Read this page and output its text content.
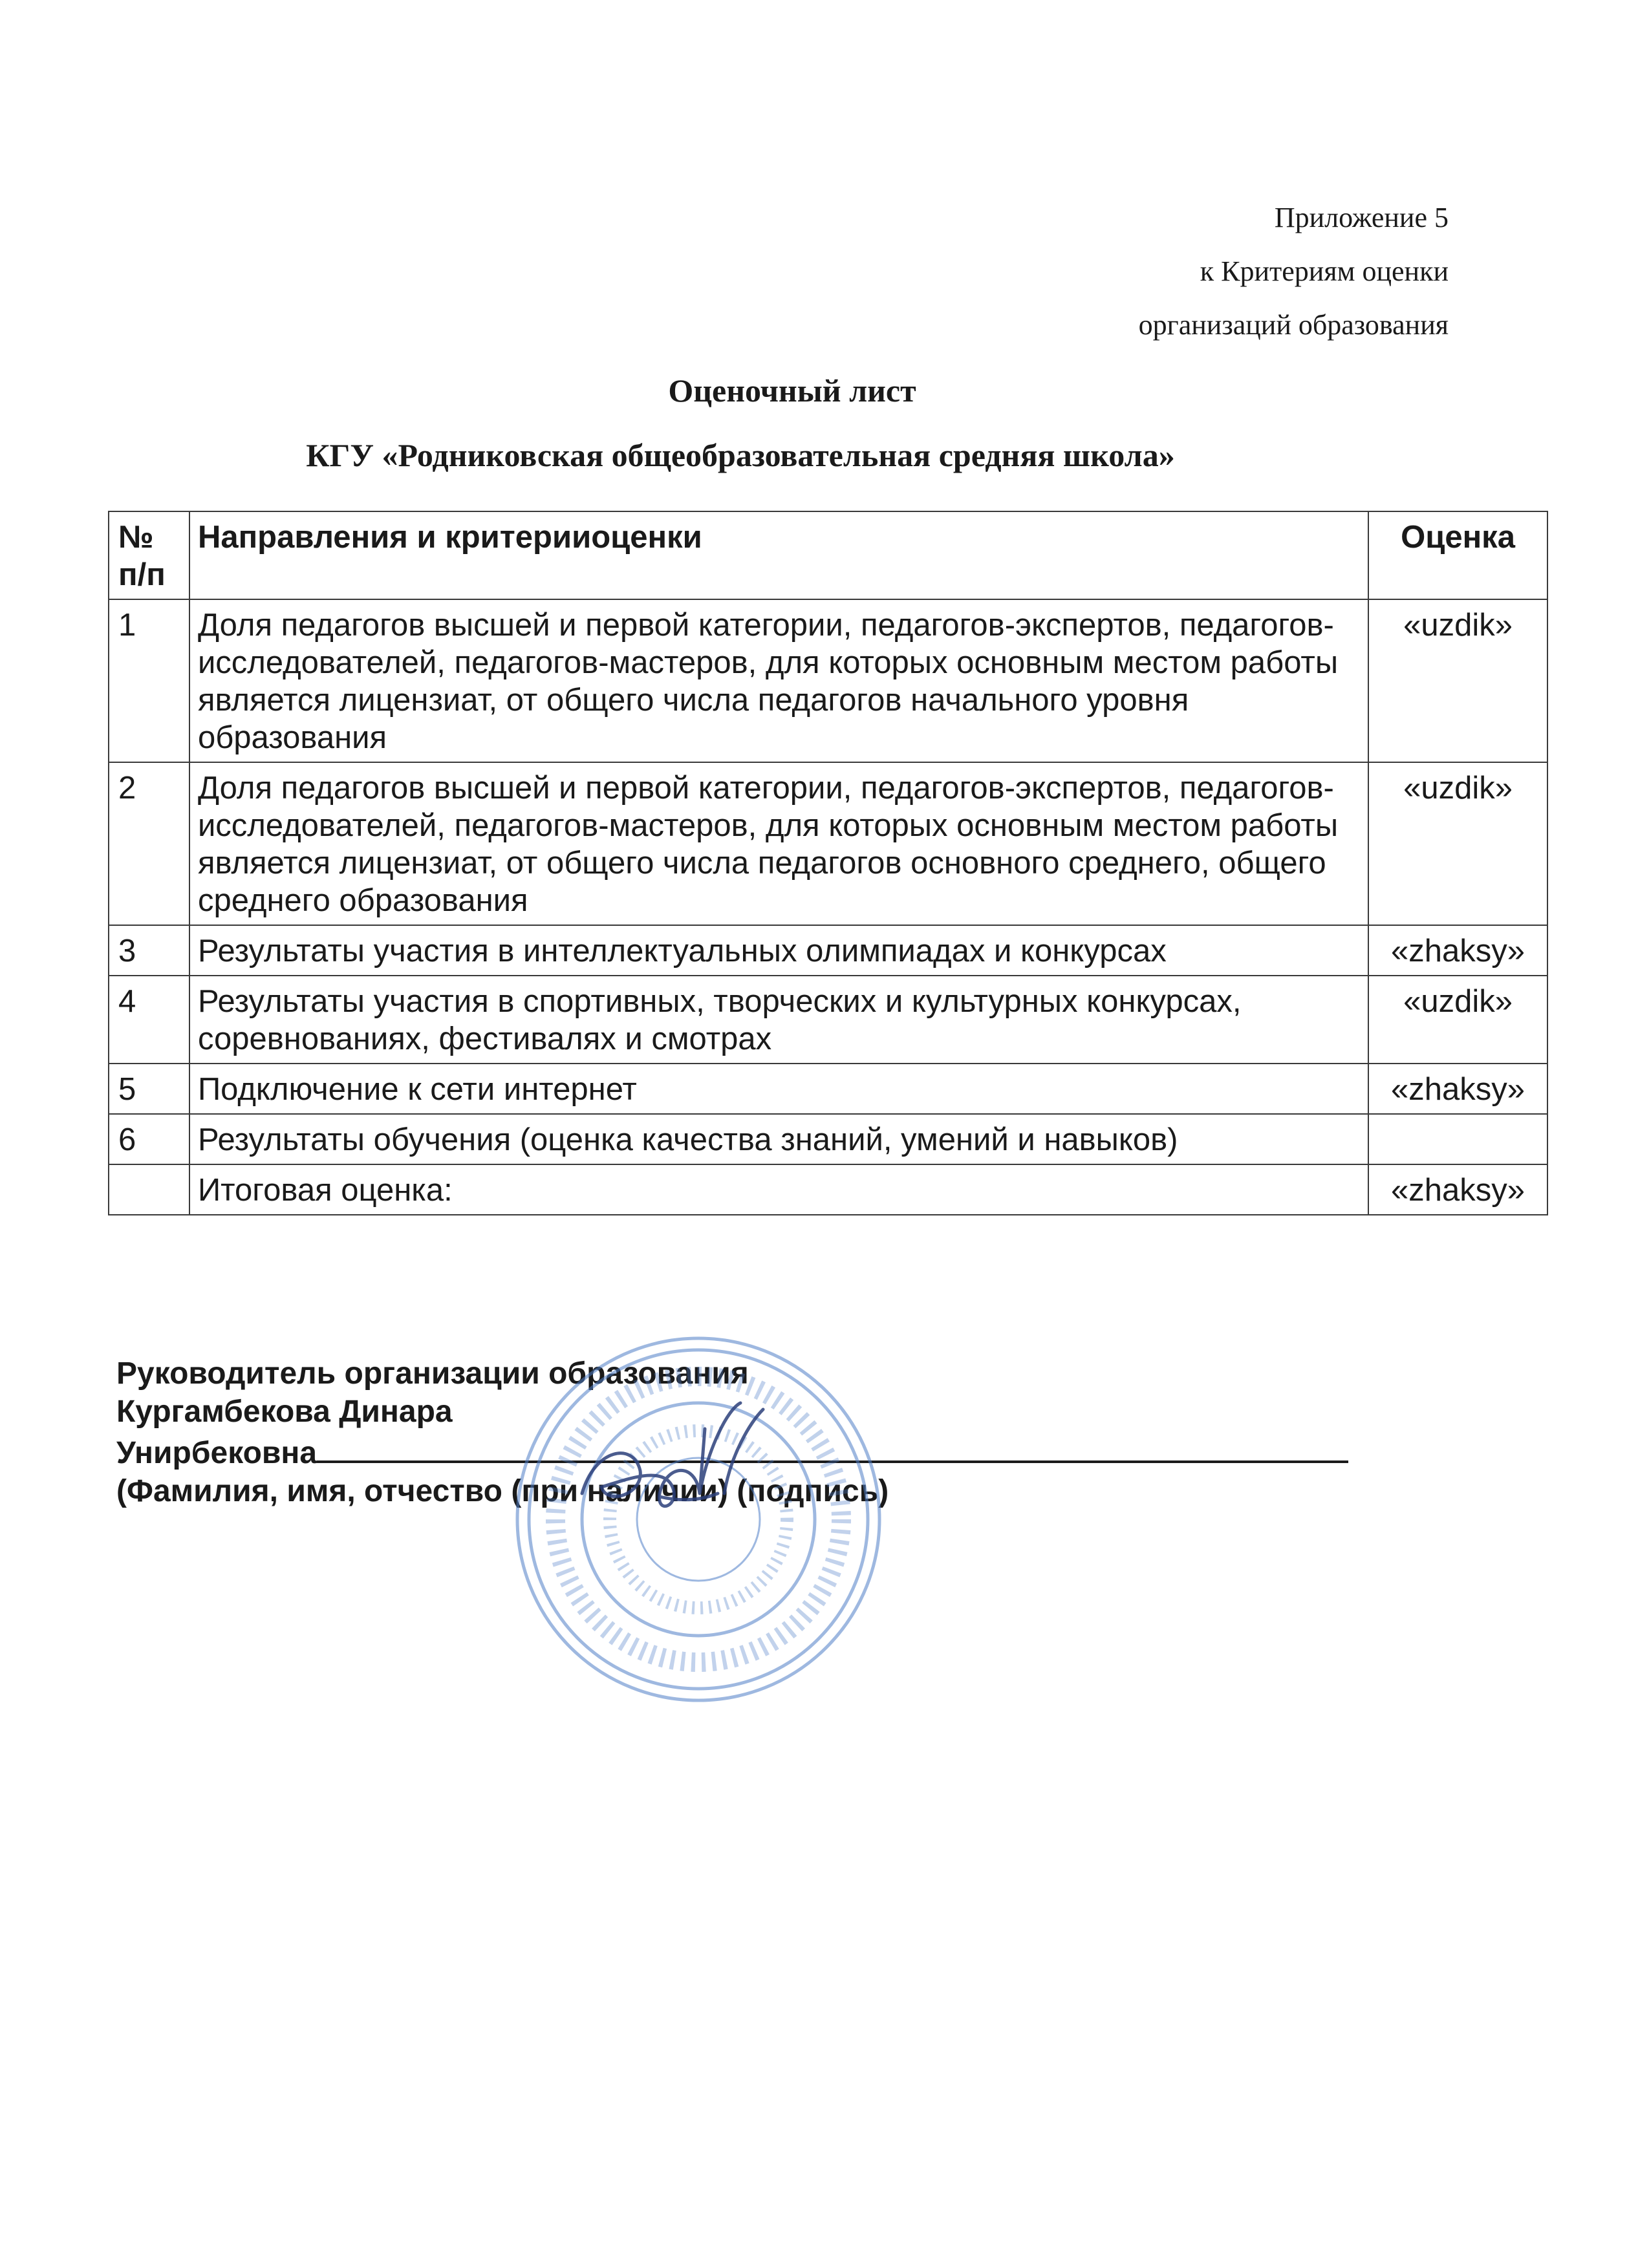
Приложение 5
к Критериям оценки
организаций образования
Оценочный лист
КГУ «Родниковская общеобразовательная средняя школа»
№ п/п	Направления и критерииоценки	Оценка
1	Доля педагогов высшей и первой категории, педагогов-экспертов, педагогов-исследователей, педагогов-мастеров, для которых основным местом работы является лицензиат, от общего числа педагогов начального уровня образования	«uzdik»
2	Доля педагогов высшей и первой категории, педагогов-экспертов, педагогов-исследователей, педагогов-мастеров, для которых основным местом работы является лицензиат, от общего числа педагогов основного среднего, общего среднего образования	«uzdik»
3	Результаты участия в интеллектуальных олимпиадах и конкурсах	«zhaksy»
4	Результаты участия в спортивных, творческих и культурных конкурсах, соревнованиях, фестивалях и смотрах	«uzdik»
5	Подключение к сети интернет	«zhaksy»
6	Результаты обучения (оценка качества знаний, умений и навыков)	
	Итоговая оценка:	«zhaksy»
Руководитель организации образования
Кургамбекова Динара
Унирбековна
(Фамилия, имя, отчество (при наличии) (подпись)
